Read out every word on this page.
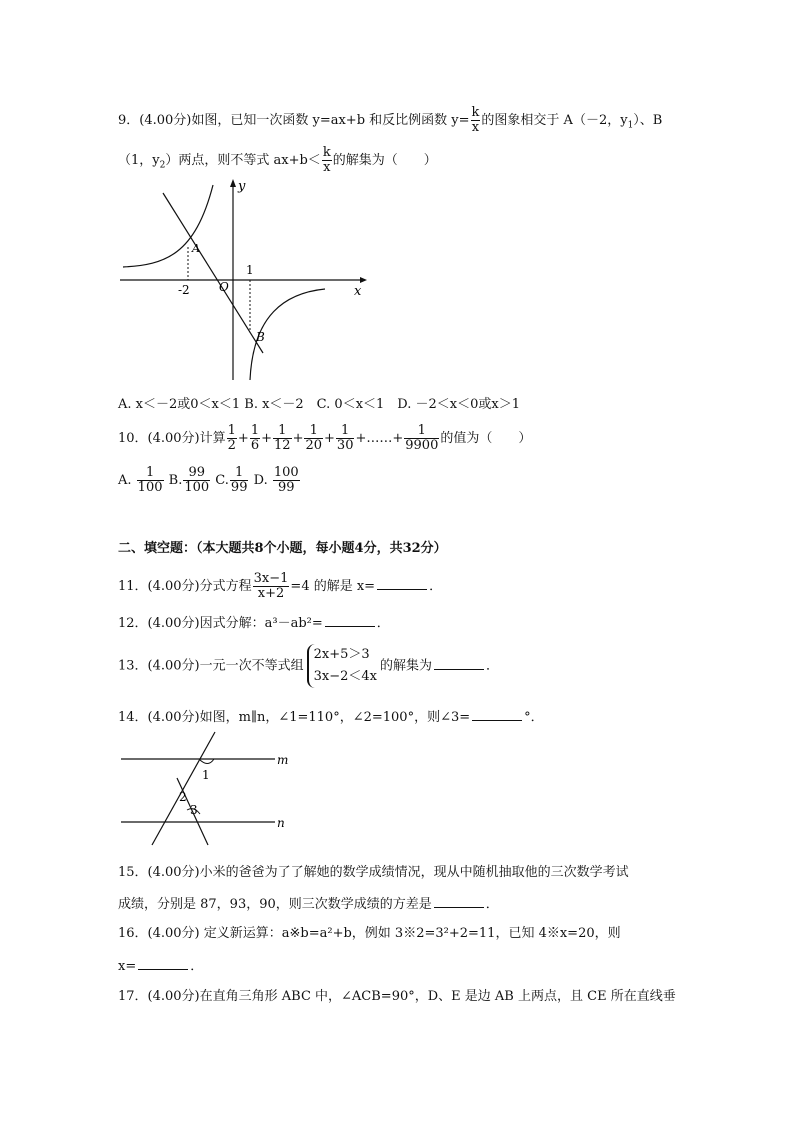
9．(4.00分)如图，已知一次函数 y=ax+b 和反比例函数 $y= \frac{k}{x}$ 的图象相交于 A（－2，$y_1$）、B
（1，$y_2$）两点，则不等式 $ax+b< \frac{k}{x}$ 的解集为（　　）
y
x
O
A
B
-2
1
A. x＜－2或0＜x＜1 B. x＜－2　C. 0＜x＜1　D. －2＜x＜0或x＞1
10．(4.00分)计算 $\frac{1}{2} + \frac{1}{6} + \frac{1}{12} + \frac{1}{20} + \frac{1}{30}$ +……+ $\frac{1}{9900}$ 的值为（　　）
A. $\frac{1}{100} B$. $\frac{99}{100} C$. $\frac{1}{99} D$. $\frac{100}{99}$
二、填空题：（本大题共8个小题，每小题4分，共32分）
11．(4.00分)分式方程 $\frac{3x-1}{x+2} =4$ 的解是 x=	．
12．(4.00分)因式分解：a³－ab²=	．
13．(4.00分)一元一次不等式组
2x+5＞3
3x−2＜4x
的解集为	．
14．(4.00分)如图，m∥n，∠1=110°，∠2=100°，则∠3=	°．
m
n
1
2
3
15．(4.00分)小米的爸爸为了了解她的数学成绩情况，现从中随机抽取他的三次数学考试
成绩，分别是 87，93，90，则三次数学成绩的方差是	．
16．(4.00分) 定义新运算：a※b=a²+b，例如 3※2=3²+2=11，已知 4※x=20，则
x=	．
17．(4.00分)在直角三角形 ABC 中，∠ACB=90°，D、E 是边 AB 上两点，且 CE 所在直线垂
